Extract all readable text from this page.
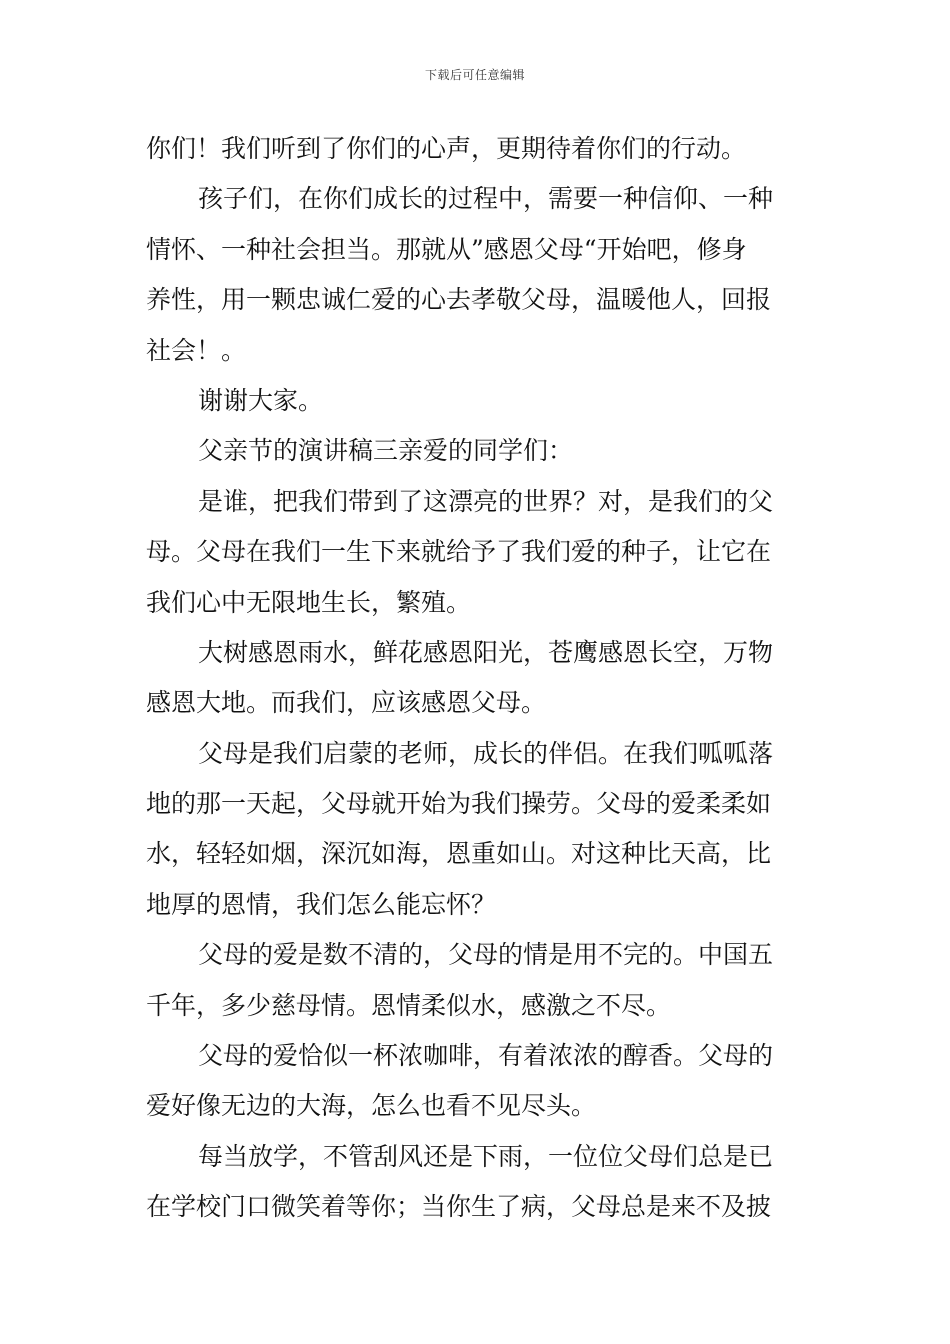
下载后可任意编辑
你们！我们听到了你们的心声，更期待着你们的行动。
孩子们，在你们成长的过程中，需要一种信仰、一种
情怀、一种社会担当。那就从”感恩父母“开始吧，修身
养性，用一颗忠诚仁爱的心去孝敬父母，温暖他人，回报
社会！。
谢谢大家。
父亲节的演讲稿三亲爱的同学们：
是谁，把我们带到了这漂亮的世界？对，是我们的父
母。父母在我们一生下来就给予了我们爱的种子，让它在
我们心中无限地生长，繁殖。
大树感恩雨水，鲜花感恩阳光，苍鹰感恩长空，万物
感恩大地。而我们，应该感恩父母。
父母是我们启蒙的老师，成长的伴侣。在我们呱呱落
地的那一天起，父母就开始为我们操劳。父母的爱柔柔如
水，轻轻如烟，深沉如海，恩重如山。对这种比天高，比
地厚的恩情，我们怎么能忘怀？
父母的爱是数不清的，父母的情是用不完的。中国五
千年，多少慈母情。恩情柔似水，感激之不尽。
父母的爱恰似一杯浓咖啡，有着浓浓的醇香。父母的
爱好像无边的大海，怎么也看不见尽头。
每当放学，不管刮风还是下雨，一位位父母们总是已
在学校门口微笑着等你；当你生了病，父母总是来不及披
